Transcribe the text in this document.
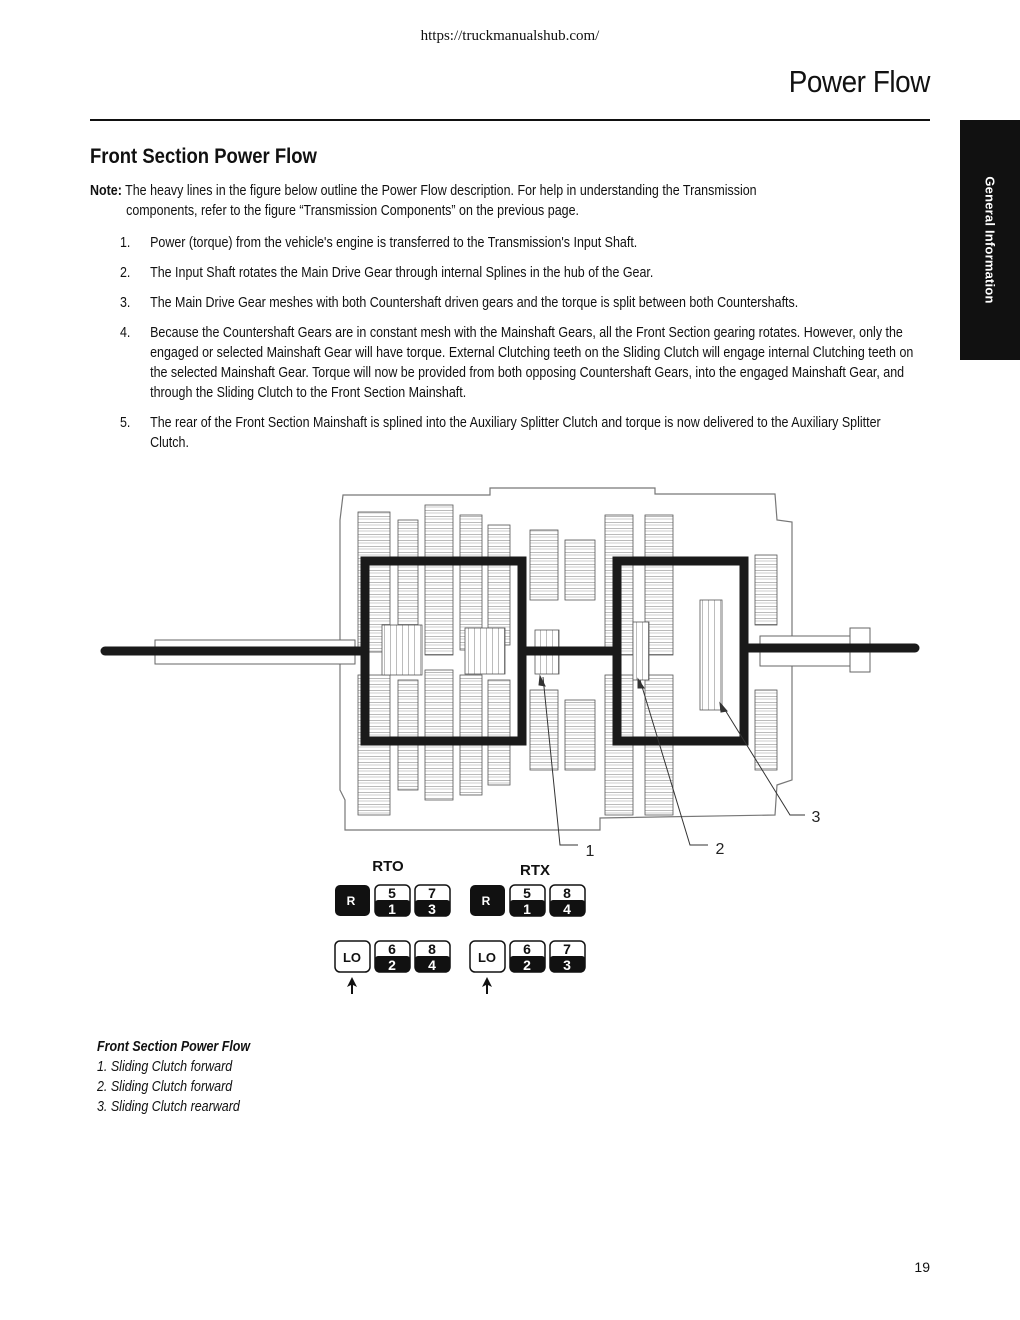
https://truckmanualshub.com/
Power Flow
General Information
Front Section Power Flow
Note: The heavy lines in the figure below outline the Power Flow description. For help in understanding the Transmission
components, refer to the figure “Transmission Components” on the previous page.
1.	Power (torque) from the vehicle's engine is transferred to the Transmission's Input Shaft.
2.	The Input Shaft rotates the Main Drive Gear through internal Splines in the hub of the Gear.
3.	The Main Drive Gear meshes with both Countershaft driven gears and the torque is split between both Countershafts.
4.	Because the Countershaft Gears are in constant mesh with the Mainshaft Gears, all the Front Section gearing rotates. However, only the engaged or selected Mainshaft Gear will have torque. External Clutching teeth on the Sliding Clutch will engage internal Clutching teeth on the selected Mainshaft Gear. Torque will now be provided from both opposing Countershaft Gears, into the engaged Mainshaft Gear, and through the Sliding Clutch to the Front Section Mainshaft.
5.	The rear of the Front Section Mainshaft is splined into the Auxiliary Splitter Clutch and torque is now delivered to the Auxiliary Splitter Clutch.
1	2
3
RTO
R 5
1
7
3
LO
6
2
8
4
RTX
R 5
1
8
4
LO
6
2
7
3
Front Section Power Flow
1. Sliding Clutch forward
2. Sliding Clutch forward
3. Sliding Clutch rearward
19
